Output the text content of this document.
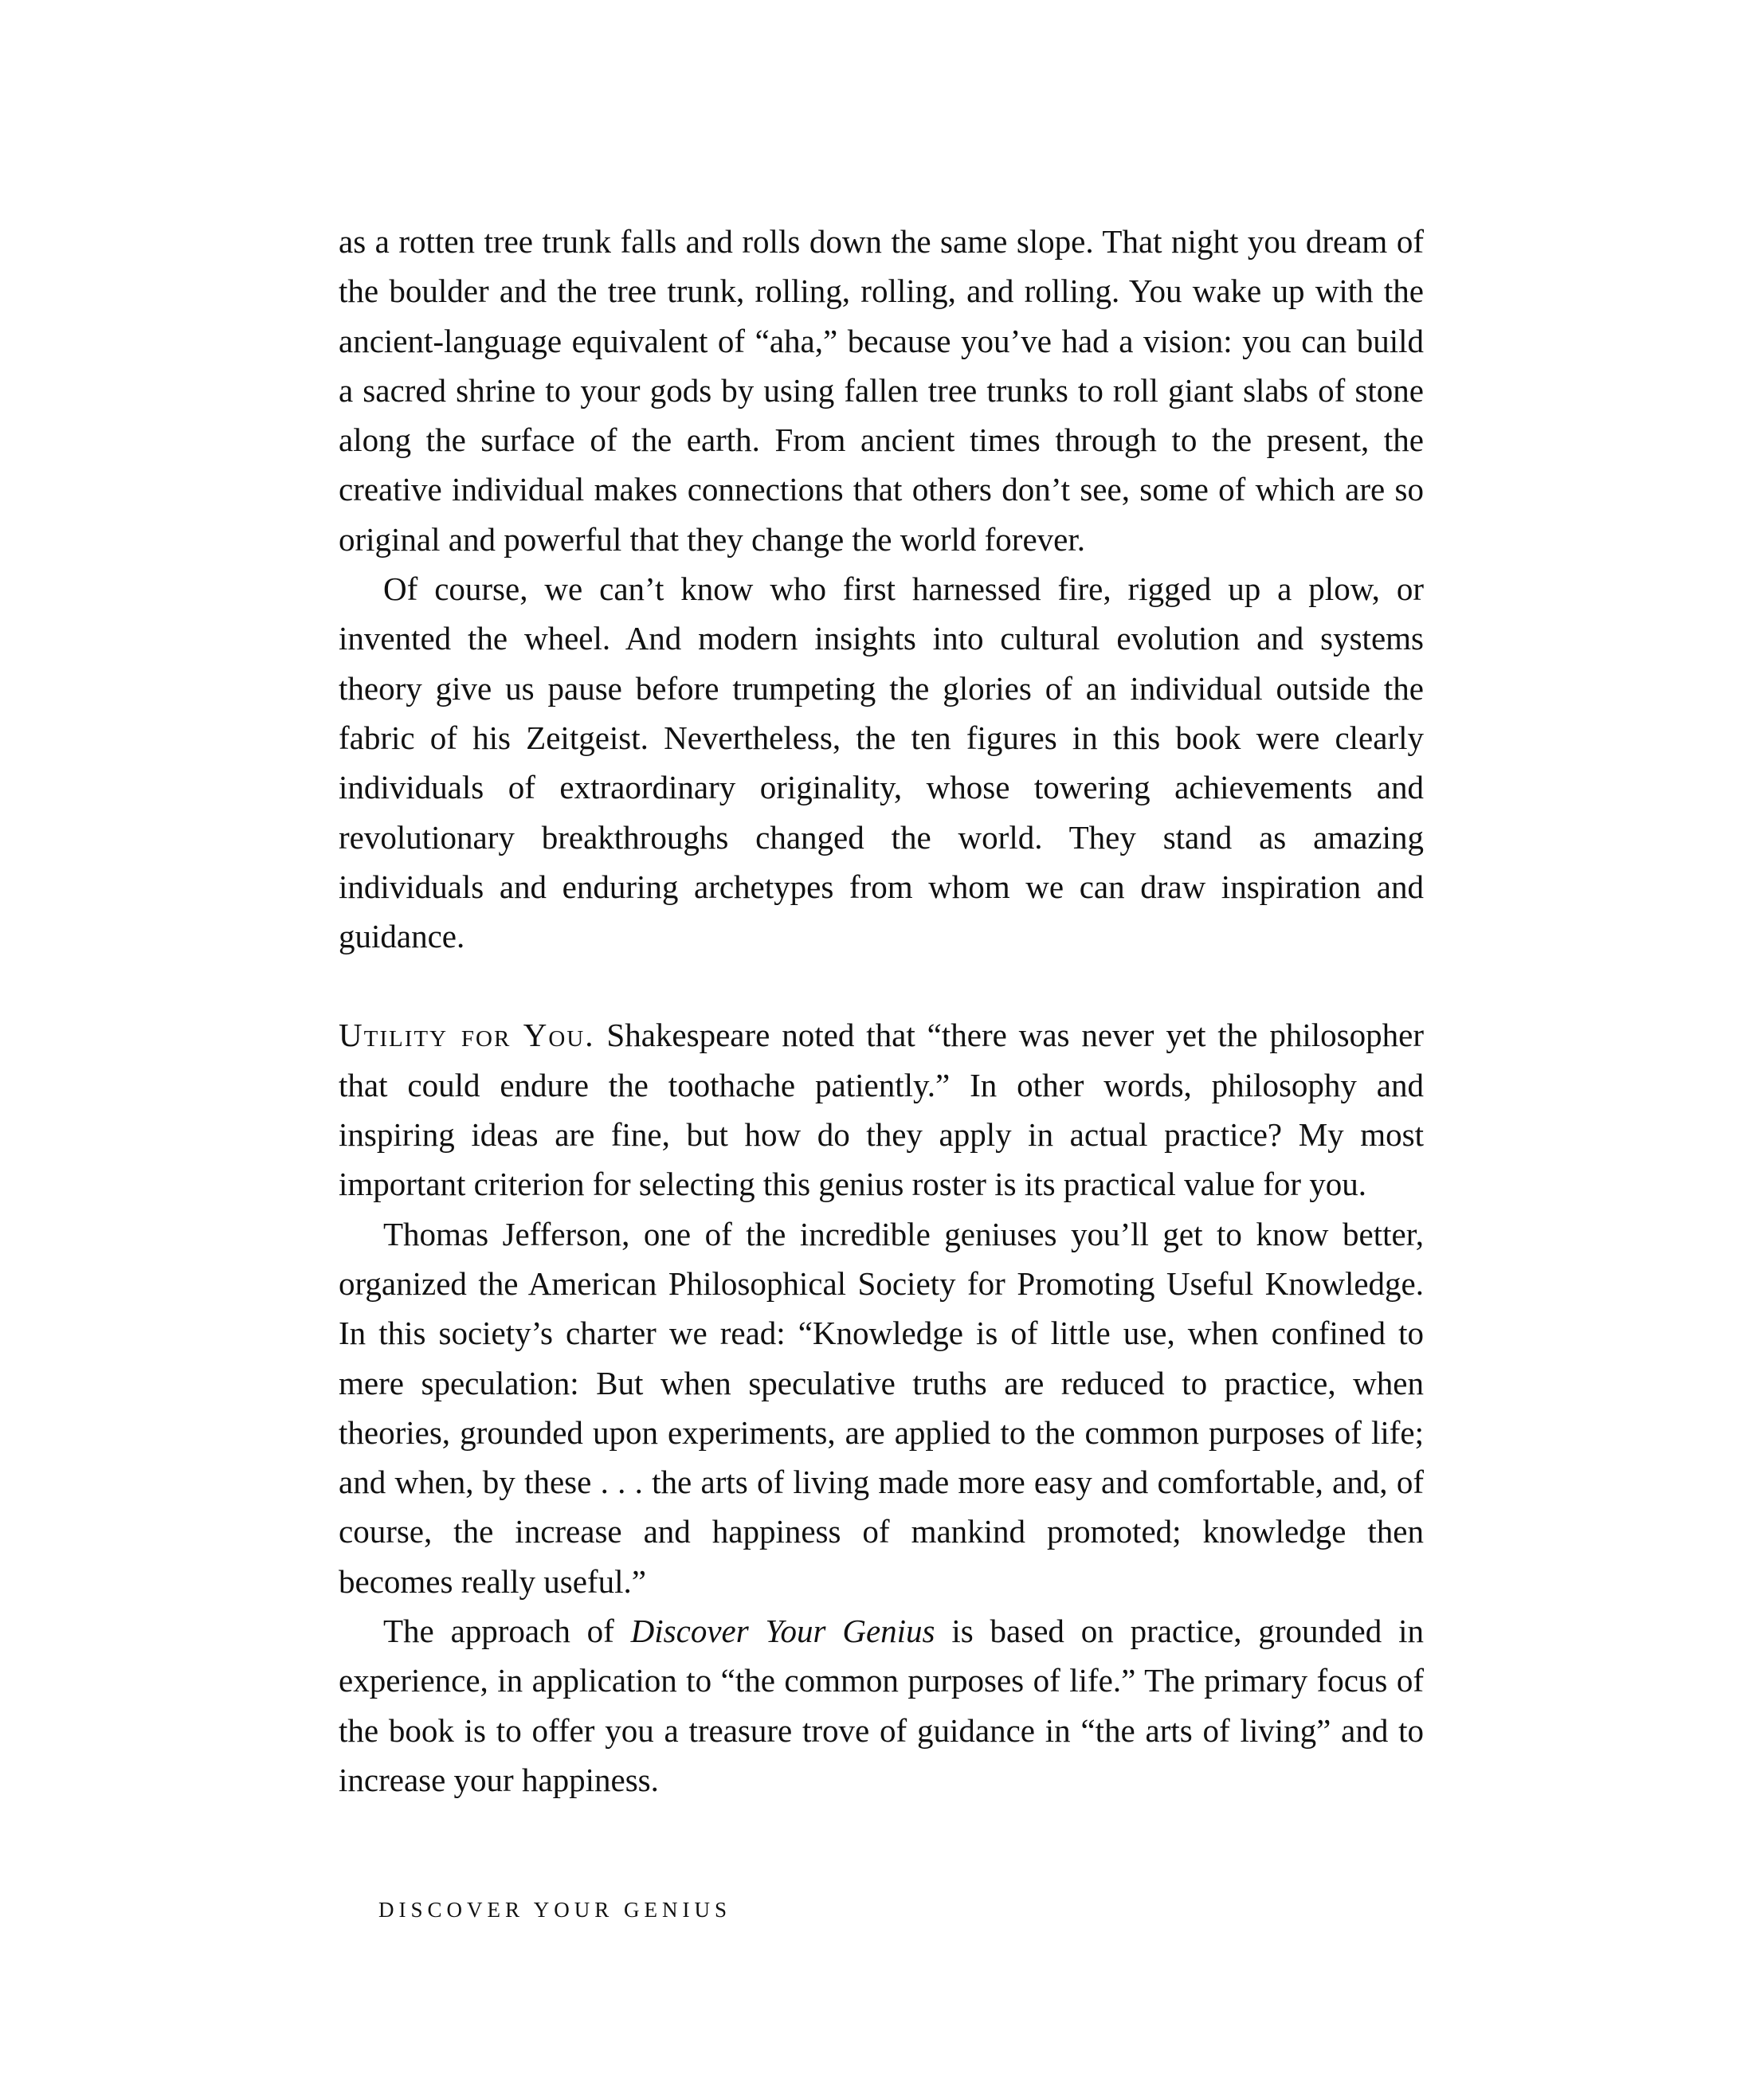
as a rotten tree trunk falls and rolls down the same slope. That night you dream of the boulder and the tree trunk, rolling, rolling, and rolling. You wake up with the ancient-language equivalent of “aha,” because you’ve had a vision: you can build a sacred shrine to your gods by using fallen tree trunks to roll giant slabs of stone along the surface of the earth. From ancient times through to the present, the creative individual makes connections that others don’t see, some of which are so original and powerful that they change the world forever.

Of course, we can’t know who first harnessed fire, rigged up a plow, or invented the wheel. And modern insights into cultural evolution and systems theory give us pause before trumpeting the glories of an individual outside the fabric of his Zeitgeist. Nevertheless, the ten figures in this book were clearly individuals of extraordinary originality, whose towering achievements and revolutionary breakthroughs changed the world. They stand as amazing individuals and enduring archetypes from whom we can draw inspiration and guidance.

Utility for You. Shakespeare noted that “there was never yet the philosopher that could endure the toothache patiently.” In other words, philosophy and inspiring ideas are fine, but how do they apply in actual practice? My most important criterion for selecting this genius roster is its practical value for you.

Thomas Jefferson, one of the incredible geniuses you’ll get to know better, organized the American Philosophical Society for Promoting Useful Knowledge. In this society’s charter we read: “Knowledge is of little use, when confined to mere speculation: But when speculative truths are reduced to practice, when theories, grounded upon experiments, are applied to the common purposes of life; and when, by these . . . the arts of living made more easy and comfortable, and, of course, the increase and happiness of mankind promoted; knowledge then becomes really useful.”

The approach of Discover Your Genius is based on practice, grounded in experience, in application to “the common purposes of life.” The primary focus of the book is to offer you a treasure trove of guidance in “the arts of living” and to increase your happiness.

DISCOVER YOUR GENIUS
